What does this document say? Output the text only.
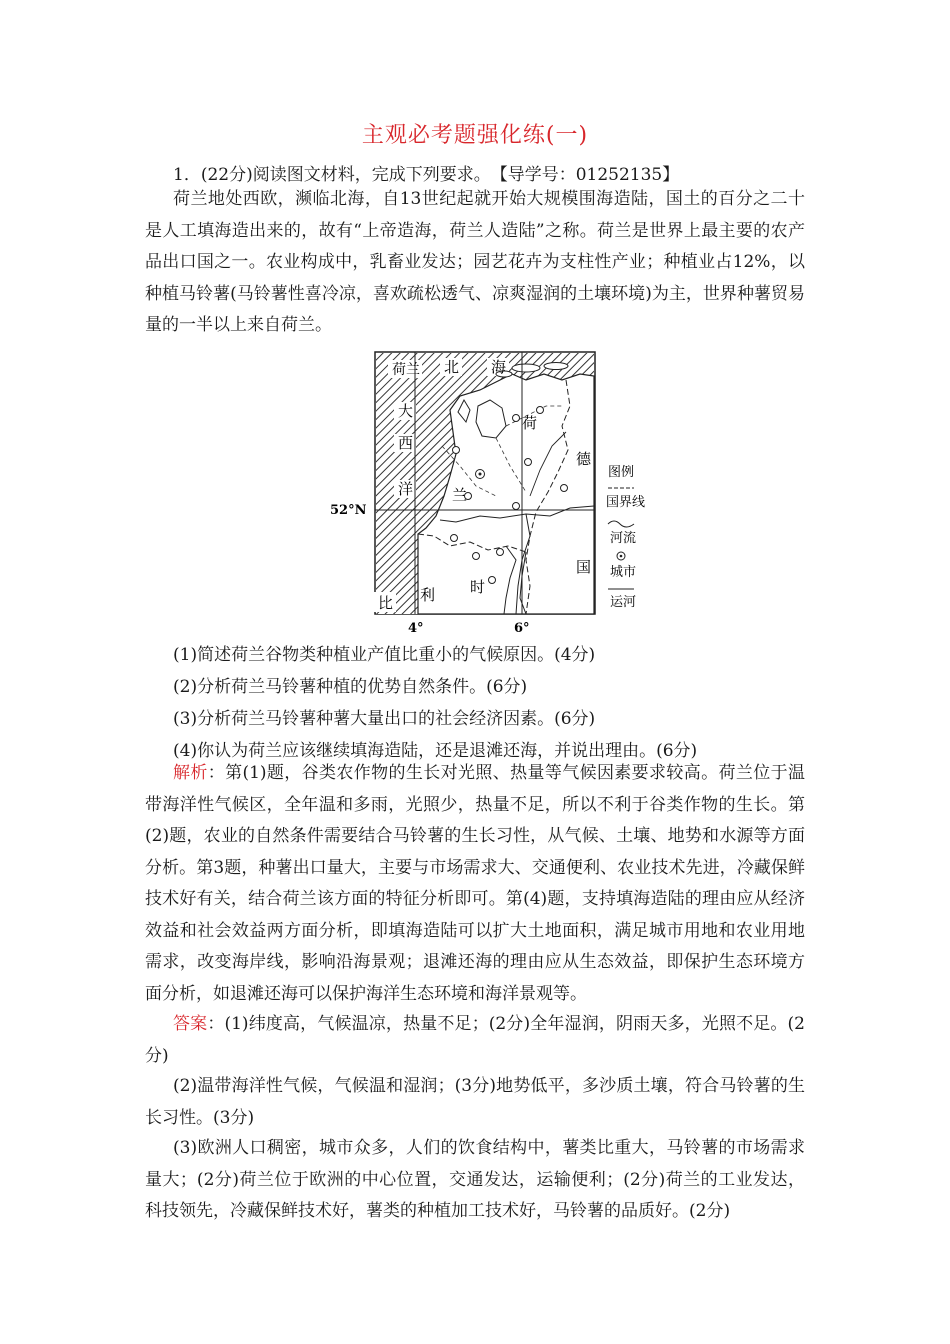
主观必考题强化练(一)
1．(22分)阅读图文材料，完成下列要求。　【导学号：01252135】
荷兰地处西欧，濒临北海，自13世纪起就开始大规模围海造陆，国土的百分之二十是人工填海造出来的，故有“上帝造海，荷兰人造陆”之称。荷兰是世界上最主要的农产品出口国之一。农业构成中，乳畜业发达；园艺花卉为支柱性产业；种植业占12%，以种植马铃薯(马铃薯性喜冷凉，喜欢疏松透气、凉爽湿润的土壤环境)为主，世界种薯贸易量的一半以上来自荷兰。
荷兰 北 海
大
西
洋
荷
兰
德
国
比 利 时
52°N
4°	6°
图例
国界线
河流
城市
运河
(1)简述荷兰谷物类种植业产值比重小的气候原因。(4分)
(2)分析荷兰马铃薯种植的优势自然条件。(6分)
(3)分析荷兰马铃薯种薯大量出口的社会经济因素。(6分)
(4)你认为荷兰应该继续填海造陆，还是退滩还海，并说出理由。(6分)
解析：第(1)题，谷类农作物的生长对光照、热量等气候因素要求较高。荷兰位于温带海洋性气候区，全年温和多雨，光照少，热量不足，所以不利于谷类作物的生长。第(2)题，农业的自然条件需要结合马铃薯的生长习性，从气候、土壤、地势和水源等方面分析。第3题，种薯出口量大，主要与市场需求大、交通便利、农业技术先进，冷藏保鲜技术好有关，结合荷兰该方面的特征分析即可。第(4)题，支持填海造陆的理由应从经济效益和社会效益两方面分析，即填海造陆可以扩大土地面积，满足城市用地和农业用地需求，改变海岸线，影响沿海景观；退滩还海的理由应从生态效益，即保护生态环境方面分析，如退滩还海可以保护海洋生态环境和海洋景观等。
答案：(1)纬度高，气候温凉，热量不足；(2分)全年湿润，阴雨天多，光照不足。(2分)
(2)温带海洋性气候，气候温和湿润；(3分)地势低平，多沙质土壤，符合马铃薯的生长习性。(3分)
(3)欧洲人口稠密，城市众多，人们的饮食结构中，薯类比重大，马铃薯的市场需求量大；(2分)荷兰位于欧洲的中心位置，交通发达，运输便利；(2分)荷兰的工业发达，科技领先，冷藏保鲜技术好，薯类的种植加工技术好，马铃薯的品质好。(2分)
